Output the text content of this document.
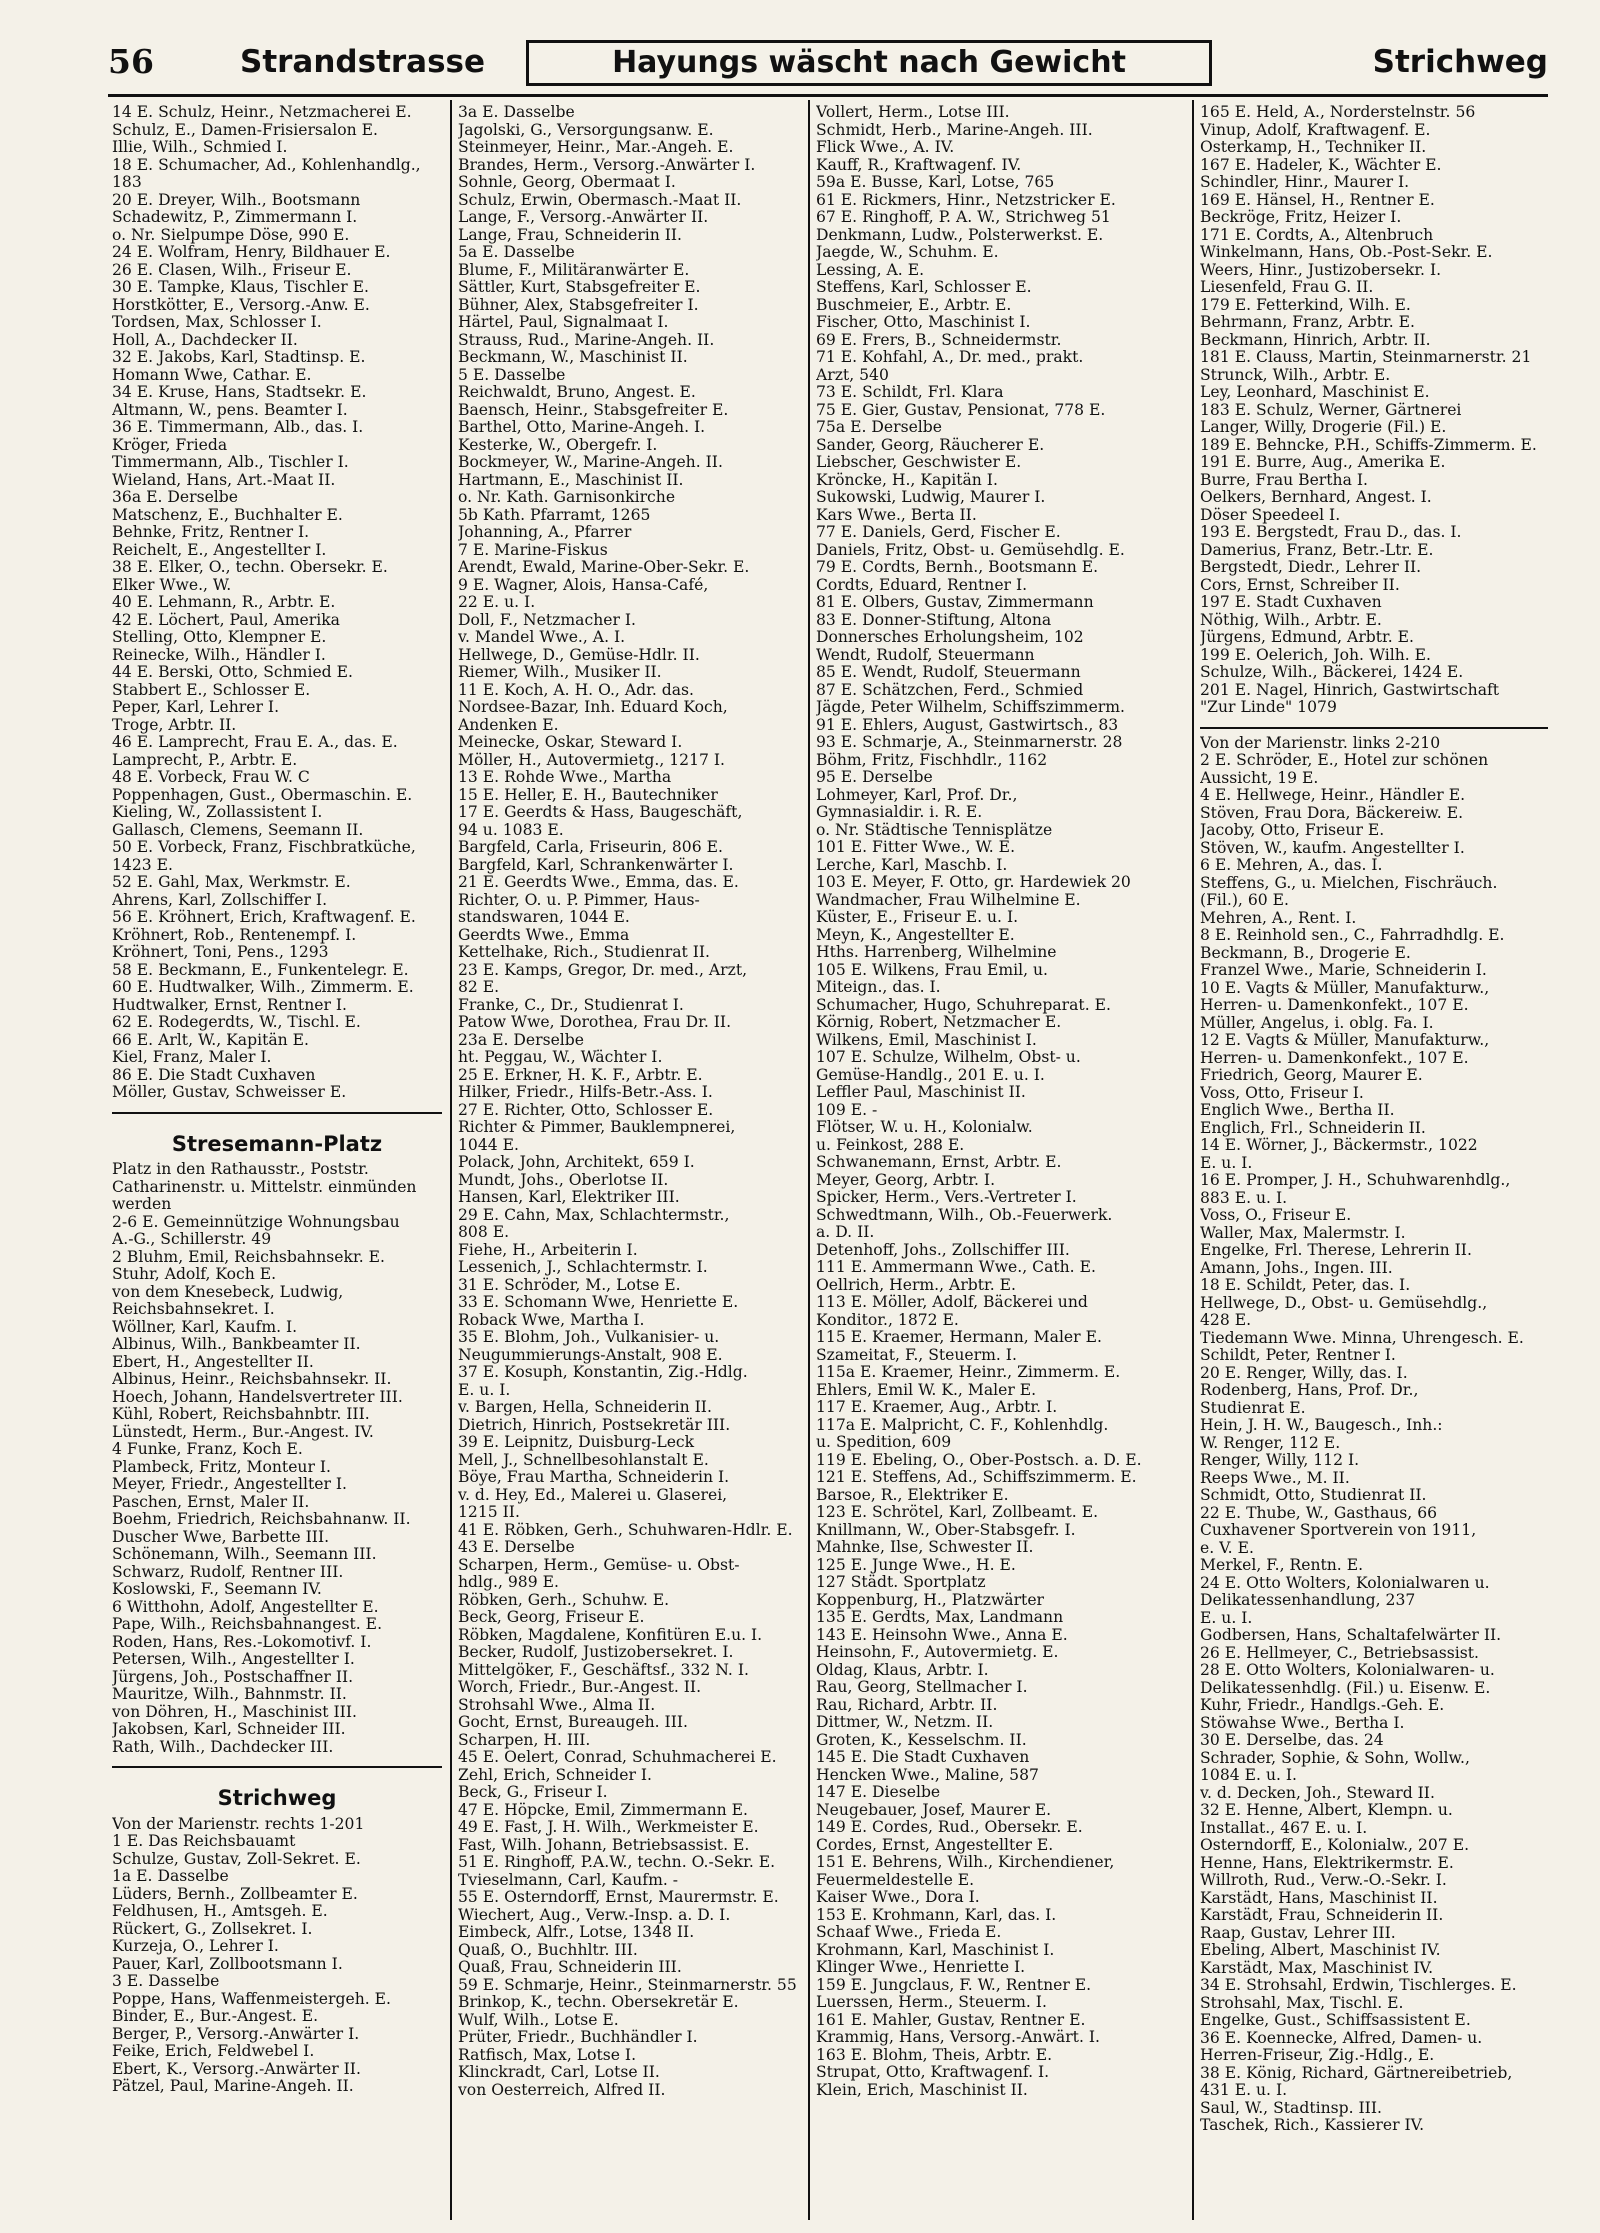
56	Strandstrasse	Hayungs wäscht nach Gewicht	Strichweg
14 E. Schulz, Heinr., Netzmacherei E.
Schulz, E., Damen-Frisiersalon E.
Illie, Wilh., Schmied I.
18 E. Schumacher, Ad., Kohlenhandlg.,
183
20 E. Dreyer, Wilh., Bootsmann
Schadewitz, P., Zimmermann I.
o. Nr. Sielpumpe Döse, 990 E.
24 E. Wolfram, Henry, Bildhauer E.
26 E. Clasen, Wilh., Friseur E.
30 E. Tampke, Klaus, Tischler E.
Horstkötter, E., Versorg.-Anw. E.
Tordsen, Max, Schlosser I.
Holl, A., Dachdecker II.
32 E. Jakobs, Karl, Stadtinsp. E.
Homann Wwe, Cathar. E.
34 E. Kruse, Hans, Stadtsekr. E.
Altmann, W., pens. Beamter I.
36 E. Timmermann, Alb., das. I.
Kröger, Frieda
Timmermann, Alb., Tischler I.
Wieland, Hans, Art.-Maat II.
36a E. Derselbe
Matschenz, E., Buchhalter E.
Behnke, Fritz, Rentner I.
Reichelt, E., Angestellter I.
38 E. Elker, O., techn. Obersekr. E.
Elker Wwe., W.
40 E. Lehmann, R., Arbtr. E.
42 E. Löchert, Paul, Amerika
Stelling, Otto, Klempner E.
Reinecke, Wilh., Händler I.
44 E. Berski, Otto, Schmied E.
Stabbert E., Schlosser E.
Peper, Karl, Lehrer I.
Troge, Arbtr. II.
46 E. Lamprecht, Frau E. A., das. E.
Lamprecht, P., Arbtr. E.
48 E. Vorbeck, Frau W. C
Poppenhagen, Gust., Obermaschin. E.
Kieling, W., Zollassistent I.
Gallasch, Clemens, Seemann II.
50 E. Vorbeck, Franz, Fischbratküche,
1423 E.
52 E. Gahl, Max, Werkmstr. E.
Ahrens, Karl, Zollschiffer I.
56 E. Kröhnert, Erich, Kraftwagenf. E.
Kröhnert, Rob., Rentenempf. I.
Kröhnert, Toni, Pens., 1293
58 E. Beckmann, E., Funkentelegr. E.
60 E. Hudtwalker, Wilh., Zimmerm. E.
Hudtwalker, Ernst, Rentner I.
62 E. Rodegerdts, W., Tischl. E.
66 E. Arlt, W., Kapitän E.
Kiel, Franz, Maler I.
86 E. Die Stadt Cuxhaven
Möller, Gustav, Schweisser E.
Stresemann-Platz
Platz in den Rathausstr., Poststr.
Catharinenstr. u. Mittelstr. einmünden
werden
2-6 E. Gemeinnützige Wohnungsbau
A.-G., Schillerstr. 49
2 Bluhm, Emil, Reichsbahnsekr. E.
Stuhr, Adolf, Koch E.
von dem Knesebeck, Ludwig,
Reichsbahnsekret. I.
Wöllner, Karl, Kaufm. I.
Albinus, Wilh., Bankbeamter II.
Ebert, H., Angestellter II.
Albinus, Heinr., Reichsbahnsekr. II.
Hoech, Johann, Handelsvertreter III.
Kühl, Robert, Reichsbahnbtr. III.
Lünstedt, Herm., Bur.-Angest. IV.
4 Funke, Franz, Koch E.
Plambeck, Fritz, Monteur I.
Meyer, Friedr., Angestellter I.
Paschen, Ernst, Maler II.
Boehm, Friedrich, Reichsbahnanw. II.
Duscher Wwe, Barbette III.
Schönemann, Wilh., Seemann III.
Schwarz, Rudolf, Rentner III.
Koslowski, F., Seemann IV.
6 Witthohn, Adolf, Angestellter E.
Pape, Wilh., Reichsbahnangest. E.
Roden, Hans, Res.-Lokomotivf. I.
Petersen, Wilh., Angestellter I.
Jürgens, Joh., Postschaffner II.
Mauritze, Wilh., Bahnmstr. II.
von Döhren, H., Maschinist III.
Jakobsen, Karl, Schneider III.
Rath, Wilh., Dachdecker III.
Strichweg
Von der Marienstr. rechts 1-201
1 E. Das Reichsbauamt
Schulze, Gustav, Zoll-Sekret. E.
1a E. Dasselbe
Lüders, Bernh., Zollbeamter E.
Feldhusen, H., Amtsgeh. E.
Rückert, G., Zollsekret. I.
Kurzeja, O., Lehrer I.
Pauer, Karl, Zollbootsmann I.
3 E. Dasselbe
Poppe, Hans, Waffenmeistergeh. E.
Binder, E., Bur.-Angest. E.
Berger, P., Versorg.-Anwärter I.
Feike, Erich, Feldwebel I.
Ebert, K., Versorg.-Anwärter II.
Pätzel, Paul, Marine-Angeh. II.
3a E. Dasselbe
Jagolski, G., Versorgungsanw. E.
Steinmeyer, Heinr., Mar.-Angeh. E.
Brandes, Herm., Versorg.-Anwärter I.
Sohnle, Georg, Obermaat I.
Schulz, Erwin, Obermasch.-Maat II.
Lange, F., Versorg.-Anwärter II.
Lange, Frau, Schneiderin II.
5a E. Dasselbe
Blume, F., Militäranwärter E.
Sättler, Kurt, Stabsgefreiter E.
Bühner, Alex, Stabsgefreiter I.
Härtel, Paul, Signalmaat I.
Strauss, Rud., Marine-Angeh. II.
Beckmann, W., Maschinist II.
5 E. Dasselbe
Reichwaldt, Bruno, Angest. E.
Baensch, Heinr., Stabsgefreiter E.
Barthel, Otto, Marine-Angeh. I.
Kesterke, W., Obergefr. I.
Bockmeyer, W., Marine-Angeh. II.
Hartmann, E., Maschinist II.
o. Nr. Kath. Garnisonkirche
5b Kath. Pfarramt, 1265
Johanning, A., Pfarrer
7 E. Marine-Fiskus
Arendt, Ewald, Marine-Ober-Sekr. E.
9 E. Wagner, Alois, Hansa-Café,
22 E. u. I.
Doll, F., Netzmacher I.
v. Mandel Wwe., A. I.
Hellwege, D., Gemüse-Hdlr. II.
Riemer, Wilh., Musiker II.
11 E. Koch, A. H. O., Adr. das.
Nordsee-Bazar, Inh. Eduard Koch,
Andenken E.
Meinecke, Oskar, Steward I.
Möller, H., Autovermietg., 1217 I.
13 E. Rohde Wwe., Martha
15 E. Heller, E. H., Bautechniker
17 E. Geerdts & Hass, Baugeschäft,
94 u. 1083 E.
Bargfeld, Carla, Friseurin, 806 E.
Bargfeld, Karl, Schrankenwärter I.
21 E. Geerdts Wwe., Emma, das. E.
Richter, O. u. P. Pimmer, Haus-
standswaren, 1044 E.
Geerdts Wwe., Emma
Kettelhake, Rich., Studienrat II.
23 E. Kamps, Gregor, Dr. med., Arzt,
82 E.
Franke, C., Dr., Studienrat I.
Patow Wwe, Dorothea, Frau Dr. II.
23a E. Derselbe
ht. Peggau, W., Wächter I.
25 E. Erkner, H. K. F., Arbtr. E.
Hilker, Friedr., Hilfs-Betr.-Ass. I.
27 E. Richter, Otto, Schlosser E.
Richter & Pimmer, Bauklempnerei,
1044 E.
Polack, John, Architekt, 659 I.
Mundt, Johs., Oberlotse II.
Hansen, Karl, Elektriker III.
29 E. Cahn, Max, Schlachtermstr.,
808 E.
Fiehe, H., Arbeiterin I.
Lessenich, J., Schlachtermstr. I.
31 E. Schröder, M., Lotse E.
33 E. Schomann Wwe, Henriette E.
Roback Wwe, Martha I.
35 E. Blohm, Joh., Vulkanisier- u.
Neugummierungs-Anstalt, 908 E.
37 E. Kosuph, Konstantin, Zig.-Hdlg.
E. u. I.
v. Bargen, Hella, Schneiderin II.
Dietrich, Hinrich, Postsekretär III.
39 E. Leipnitz, Duisburg-Leck
Mell, J., Schnellbesohlanstalt E.
Böye, Frau Martha, Schneiderin I.
v. d. Hey, Ed., Malerei u. Glaserei,
1215 II.
41 E. Röbken, Gerh., Schuhwaren-Hdlr. E.
43 E. Derselbe
Scharpen, Herm., Gemüse- u. Obst-
hdlg., 989 E.
Röbken, Gerh., Schuhw. E.
Beck, Georg, Friseur E.
Röbken, Magdalene, Konfitüren E.u. I.
Becker, Rudolf, Justizobersekret. I.
Mittelgöker, F., Geschäftsf., 332 N. I.
Worch, Friedr., Bur.-Angest. II.
Strohsahl Wwe., Alma II.
Gocht, Ernst, Bureaugeh. III.
Scharpen, H. III.
45 E. Oelert, Conrad, Schuhmacherei E.
Zehl, Erich, Schneider I.
Beck, G., Friseur I.
47 E. Höpcke, Emil, Zimmermann E.
49 E. Fast, J. H. Wilh., Werkmeister E.
Fast, Wilh. Johann, Betriebsassist. E.
51 E. Ringhoff, P.A.W., techn. O.-Sekr. E.
Tvieselmann, Carl, Kaufm. -
55 E. Osterndorff, Ernst, Maurermstr. E.
Wiechert, Aug., Verw.-Insp. a. D. I.
Eimbeck, Alfr., Lotse, 1348 II.
Quaß, O., Buchhltr. III.
Quaß, Frau, Schneiderin III.
59 E. Schmarje, Heinr., Steinmarnerstr. 55
Brinkop, K., techn. Obersekretär E.
Wulf, Wilh., Lotse E.
Prüter, Friedr., Buchhändler I.
Ratfisch, Max, Lotse I.
Klinckradt, Carl, Lotse II.
von Oesterreich, Alfred II.
Vollert, Herm., Lotse III.
Schmidt, Herb., Marine-Angeh. III.
Flick Wwe., A. IV.
Kauff, R., Kraftwagenf. IV.
59a E. Busse, Karl, Lotse, 765
61 E. Rickmers, Hinr., Netzstricker E.
67 E. Ringhoff, P. A. W., Strichweg 51
Denkmann, Ludw., Polsterwerkst. E.
Jaegde, W., Schuhm. E.
Lessing, A. E.
Steffens, Karl, Schlosser E.
Buschmeier, E., Arbtr. E.
Fischer, Otto, Maschinist I.
69 E. Frers, B., Schneidermstr.
71 E. Kohfahl, A., Dr. med., prakt.
Arzt, 540
73 E. Schildt, Frl. Klara
75 E. Gier, Gustav, Pensionat, 778 E.
75a E. Derselbe
Sander, Georg, Räucherer E.
Liebscher, Geschwister E.
Kröncke, H., Kapitän I.
Sukowski, Ludwig, Maurer I.
Kars Wwe., Berta II.
77 E. Daniels, Gerd, Fischer E.
Daniels, Fritz, Obst- u. Gemüsehdlg. E.
79 E. Cordts, Bernh., Bootsmann E.
Cordts, Eduard, Rentner I.
81 E. Olbers, Gustav, Zimmermann
83 E. Donner-Stiftung, Altona
Donnersches Erholungsheim, 102
Wendt, Rudolf, Steuermann
85 E. Wendt, Rudolf, Steuermann
87 E. Schätzchen, Ferd., Schmied
Jägde, Peter Wilhelm, Schiffszimmerm.
91 E. Ehlers, August, Gastwirtsch., 83
93 E. Schmarje, A., Steinmarnerstr. 28
Böhm, Fritz, Fischhdlr., 1162
95 E. Derselbe
Lohmeyer, Karl, Prof. Dr.,
Gymnasialdir. i. R. E.
o. Nr. Städtische Tennisplätze
101 E. Fitter Wwe., W. E.
Lerche, Karl, Maschb. I.
103 E. Meyer, F. Otto, gr. Hardewiek 20
Wandmacher, Frau Wilhelmine E.
Küster, E., Friseur E. u. I.
Meyn, K., Angestellter E.
Hths. Harrenberg, Wilhelmine
105 E. Wilkens, Frau Emil, u.
Miteign., das. I.
Schumacher, Hugo, Schuhreparat. E.
Körnig, Robert, Netzmacher E.
Wilkens, Emil, Maschinist I.
107 E. Schulze, Wilhelm, Obst- u.
Gemüse-Handlg., 201 E. u. I.
Leffler Paul, Maschinist II.
109 E. -
Flötser, W. u. H., Kolonialw.
u. Feinkost, 288 E.
Schwanemann, Ernst, Arbtr. E.
Meyer, Georg, Arbtr. I.
Spicker, Herm., Vers.-Vertreter I.
Schwedtmann, Wilh., Ob.-Feuerwerk.
a. D. II.
Detenhoff, Johs., Zollschiffer III.
111 E. Ammermann Wwe., Cath. E.
Oellrich, Herm., Arbtr. E.
113 E. Möller, Adolf, Bäckerei und
Konditor., 1872 E.
115 E. Kraemer, Hermann, Maler E.
Szameitat, F., Steuerm. I.
115a E. Kraemer, Heinr., Zimmerm. E.
Ehlers, Emil W. K., Maler E.
117 E. Kraemer, Aug., Arbtr. I.
117a E. Malpricht, C. F., Kohlenhdlg.
u. Spedition, 609
119 E. Ebeling, O., Ober-Postsch. a. D. E.
121 E. Steffens, Ad., Schiffszimmerm. E.
Barsoe, R., Elektriker E.
123 E. Schrötel, Karl, Zollbeamt. E.
Knillmann, W., Ober-Stabsgefr. I.
Mahnke, Ilse, Schwester II.
125 E. Junge Wwe., H. E.
127 Städt. Sportplatz
Koppenburg, H., Platzwärter
135 E. Gerdts, Max, Landmann
143 E. Heinsohn Wwe., Anna E.
Heinsohn, F., Autovermietg. E.
Oldag, Klaus, Arbtr. I.
Rau, Georg, Stellmacher I.
Rau, Richard, Arbtr. II.
Dittmer, W., Netzm. II.
Groten, K., Kesselschm. II.
145 E. Die Stadt Cuxhaven
Hencken Wwe., Maline, 587
147 E. Dieselbe
Neugebauer, Josef, Maurer E.
149 E. Cordes, Rud., Obersekr. E.
Cordes, Ernst, Angestellter E.
151 E. Behrens, Wilh., Kirchendiener,
Feuermeldestelle E.
Kaiser Wwe., Dora I.
153 E. Krohmann, Karl, das. I.
Schaaf Wwe., Frieda E.
Krohmann, Karl, Maschinist I.
Klinger Wwe., Henriette I.
159 E. Jungclaus, F. W., Rentner E.
Luerssen, Herm., Steuerm. I.
161 E. Mahler, Gustav, Rentner E.
Krammig, Hans, Versorg.-Anwärt. I.
163 E. Blohm, Theis, Arbtr. E.
Strupat, Otto, Kraftwagenf. I.
Klein, Erich, Maschinist II.
165 E. Held, A., Norderstelnstr. 56
Vinup, Adolf, Kraftwagenf. E.
Osterkamp, H., Techniker II.
167 E. Hadeler, K., Wächter E.
Schindler, Hinr., Maurer I.
169 E. Hänsel, H., Rentner E.
Beckröge, Fritz, Heizer I.
171 E. Cordts, A., Altenbruch
Winkelmann, Hans, Ob.-Post-Sekr. E.
Weers, Hinr., Justizobersekr. I.
Liesenfeld, Frau G. II.
179 E. Fetterkind, Wilh. E.
Behrmann, Franz, Arbtr. E.
Beckmann, Hinrich, Arbtr. II.
181 E. Clauss, Martin, Steinmarnerstr. 21
Strunck, Wilh., Arbtr. E.
Ley, Leonhard, Maschinist E.
183 E. Schulz, Werner, Gärtnerei
Langer, Willy, Drogerie (Fil.) E.
189 E. Behncke, P.H., Schiffs-Zimmerm. E.
191 E. Burre, Aug., Amerika E.
Burre, Frau Bertha I.
Oelkers, Bernhard, Angest. I.
Döser Speedeel I.
193 E. Bergstedt, Frau D., das. I.
Damerius, Franz, Betr.-Ltr. E.
Bergstedt, Diedr., Lehrer II.
Cors, Ernst, Schreiber II.
197 E. Stadt Cuxhaven
Nöthig, Wilh., Arbtr. E.
Jürgens, Edmund, Arbtr. E.
199 E. Oelerich, Joh. Wilh. E.
Schulze, Wilh., Bäckerei, 1424 E.
201 E. Nagel, Hinrich, Gastwirtschaft
"Zur Linde" 1079
Von der Marienstr. links 2-210
2 E. Schröder, E., Hotel zur schönen
Aussicht, 19 E.
4 E. Hellwege, Heinr., Händler E.
Stöven, Frau Dora, Bäckereiw. E.
Jacoby, Otto, Friseur E.
Stöven, W., kaufm. Angestellter I.
6 E. Mehren, A., das. I.
Steffens, G., u. Mielchen, Fischräuch.
(Fil.), 60 E.
Mehren, A., Rent. I.
8 E. Reinhold sen., C., Fahrradhdlg. E.
Beckmann, B., Drogerie E.
Franzel Wwe., Marie, Schneiderin I.
10 E. Vagts & Müller, Manufakturw.,
Herren- u. Damenkonfekt., 107 E.
Müller, Angelus, i. oblg. Fa. I.
12 E. Vagts & Müller, Manufakturw.,
Herren- u. Damenkonfekt., 107 E.
Friedrich, Georg, Maurer E.
Voss, Otto, Friseur I.
Englich Wwe., Bertha II.
Englich, Frl., Schneiderin II.
14 E. Wörner, J., Bäckermstr., 1022
E. u. I.
16 E. Promper, J. H., Schuhwarenhdlg.,
883 E. u. I.
Voss, O., Friseur E.
Waller, Max, Malermstr. I.
Engelke, Frl. Therese, Lehrerin II.
Amann, Johs., Ingen. III.
18 E. Schildt, Peter, das. I.
Hellwege, D., Obst- u. Gemüsehdlg.,
428 E.
Tiedemann Wwe. Minna, Uhrengesch. E.
Schildt, Peter, Rentner I.
20 E. Renger, Willy, das. I.
Rodenberg, Hans, Prof. Dr.,
Studienrat E.
Hein, J. H. W., Baugesch., Inh.:
W. Renger, 112 E.
Renger, Willy, 112 I.
Reeps Wwe., M. II.
Schmidt, Otto, Studienrat II.
22 E. Thube, W., Gasthaus, 66
Cuxhavener Sportverein von 1911,
e. V. E.
Merkel, F., Rentn. E.
24 E. Otto Wolters, Kolonialwaren u.
Delikatessenhandlung, 237
E. u. I.
Godbersen, Hans, Schaltafelwärter II.
26 E. Hellmeyer, C., Betriebsassist.
28 E. Otto Wolters, Kolonialwaren- u.
Delikatessenhdlg. (Fil.) u. Eisenw. E.
Kuhr, Friedr., Handlgs.-Geh. E.
Stöwahse Wwe., Bertha I.
30 E. Derselbe, das. 24
Schrader, Sophie, & Sohn, Wollw.,
1084 E. u. I.
v. d. Decken, Joh., Steward II.
32 E. Henne, Albert, Klempn. u.
Installat., 467 E. u. I.
Osterndorff, E., Kolonialw., 207 E.
Henne, Hans, Elektrikermstr. E.
Willroth, Rud., Verw.-O.-Sekr. I.
Karstädt, Hans, Maschinist II.
Karstädt, Frau, Schneiderin II.
Raap, Gustav, Lehrer III.
Ebeling, Albert, Maschinist IV.
Karstädt, Max, Maschinist IV.
34 E. Strohsahl, Erdwin, Tischlerges. E.
Strohsahl, Max, Tischl. E.
Engelke, Gust., Schiffsassistent E.
36 E. Koennecke, Alfred, Damen- u.
Herren-Friseur, Zig.-Hdlg., E.
38 E. König, Richard, Gärtnereibetrieb,
431 E. u. I.
Saul, W., Stadtinsp. III.
Taschek, Rich., Kassierer IV.
